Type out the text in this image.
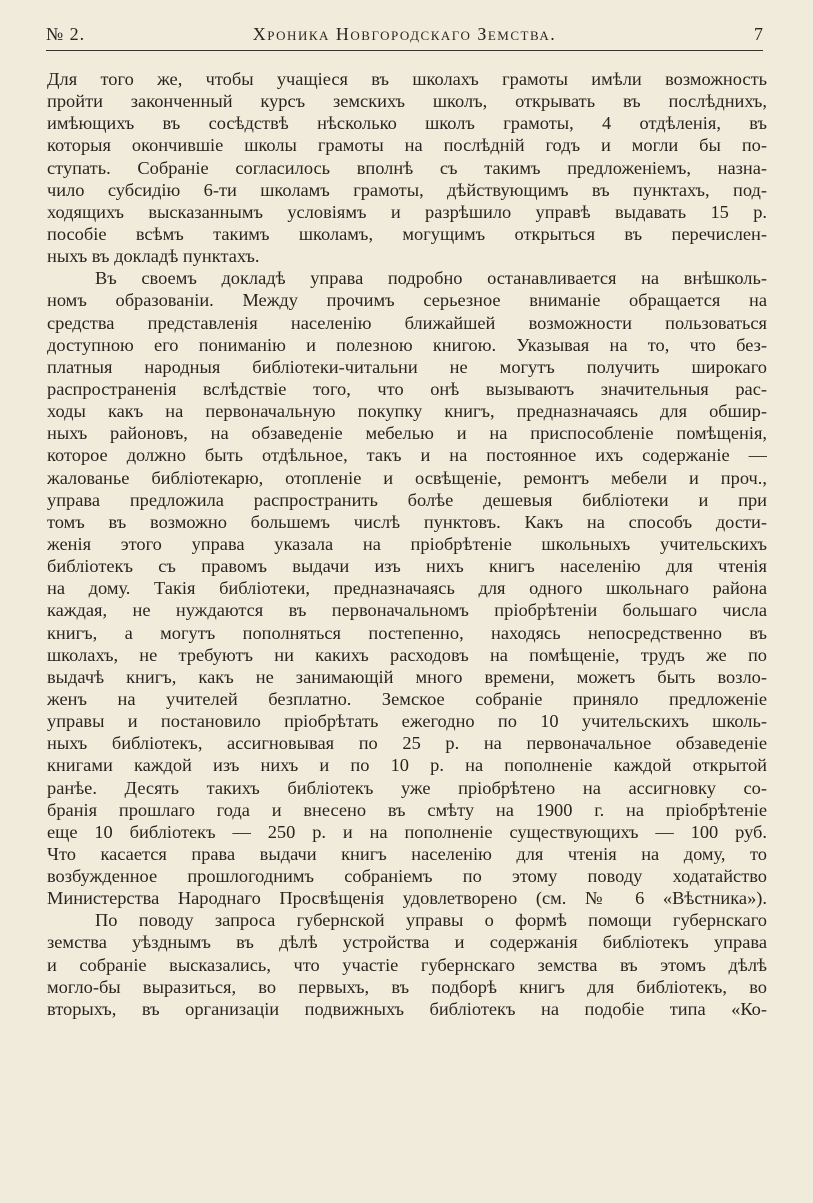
№ 2.	Хроника Новгородскаго Земства.	7

Для того же, чтобы учащіеся въ школахъ грамоты имѣли возможность
пройти законченный курсъ земскихъ школъ, открывать въ послѣднихъ,
имѣющихъ въ сосѣдствѣ нѣсколько школъ грамоты, 4 отдѣленія, въ
которыя окончившіе школы грамоты на послѣдній годъ и могли бы по-
ступать. Собраніе согласилось вполнѣ съ такимъ предложеніемъ, назна-
чило субсидію 6-ти школамъ грамоты, дѣйствующимъ въ пунктахъ, под-
ходящихъ высказаннымъ условіямъ и разрѣшило управѣ выдавать 15 р.
пособіе всѣмъ такимъ школамъ, могущимъ открыться въ перечислен-
ныхъ въ докладѣ пунктахъ.

Въ своемъ докладѣ управа подробно останавливается на внѣшколь-
номъ образованіи. Между прочимъ серьезное вниманіе обращается на
средства представленія населенію ближайшей возможности пользоваться
доступною его пониманію и полезною книгою. Указывая на то, что без-
платныя народныя библіотеки-читальни не могутъ получить широкаго
распространенія вслѣдствіе того, что онѣ вызываютъ значительныя рас-
ходы какъ на первоначальную покупку книгъ, предназначаясь для обшир-
ныхъ районовъ, на обзаведеніе мебелью и на приспособленіе помѣщенія,
которое должно быть отдѣльное, такъ и на постоянное ихъ содержаніе —
жалованье библіотекарю, отопленіе и освѣщеніе, ремонтъ мебели и проч.,
управа предложила распространить болѣе дешевыя библіотеки и при
томъ въ возможно большемъ числѣ пунктовъ. Какъ на способъ дости-
женія этого управа указала на пріобрѣтеніе школьныхъ учительскихъ
библіотекъ съ правомъ выдачи изъ нихъ книгъ населенію для чтенія
на дому. Такія библіотеки, предназначаясь для одного школьнаго района
каждая, не нуждаются въ первоначальномъ пріобрѣтеніи большаго числа
книгъ, а могутъ пополняться постепенно, находясь непосредственно въ
школахъ, не требуютъ ни какихъ расходовъ на помѣщеніе, трудъ же по
выдачѣ книгъ, какъ не занимающій много времени, можетъ быть возло-
женъ на учителей безплатно. Земское собраніе приняло предложеніе
управы и постановило пріобрѣтать ежегодно по 10 учительскихъ школь-
ныхъ библіотекъ, ассигновывая по 25 р. на первоначальное обзаведеніе
книгами каждой изъ нихъ и по 10 р. на пополненіе каждой открытой
ранѣе. Десять такихъ библіотекъ уже пріобрѣтено на ассигновку со-
бранія прошлаго года и внесено въ смѣту на 1900 г. на пріобрѣтеніе
еще 10 библіотекъ — 250 р. и на пополненіе существующихъ — 100 руб.
Что касается права выдачи книгъ населенію для чтенія на дому, то
возбужденное прошлогоднимъ собраніемъ по этому поводу ходатайство
Министерства Народнаго Просвѣщенія удовлетворено (см. № 6 «Вѣстника»).

По поводу запроса губернской управы о формѣ помощи губернскаго
земства уѣзднымъ въ дѣлѣ устройства и содержанія библіотекъ управа
и собраніе высказались, что участіе губернскаго земства въ этомъ дѣлѣ
могло-бы выразиться, во первыхъ, въ подборѣ книгъ для библіотекъ, во
вторыхъ, въ организаціи подвижныхъ библіотекъ на подобіе типа «Ко-
